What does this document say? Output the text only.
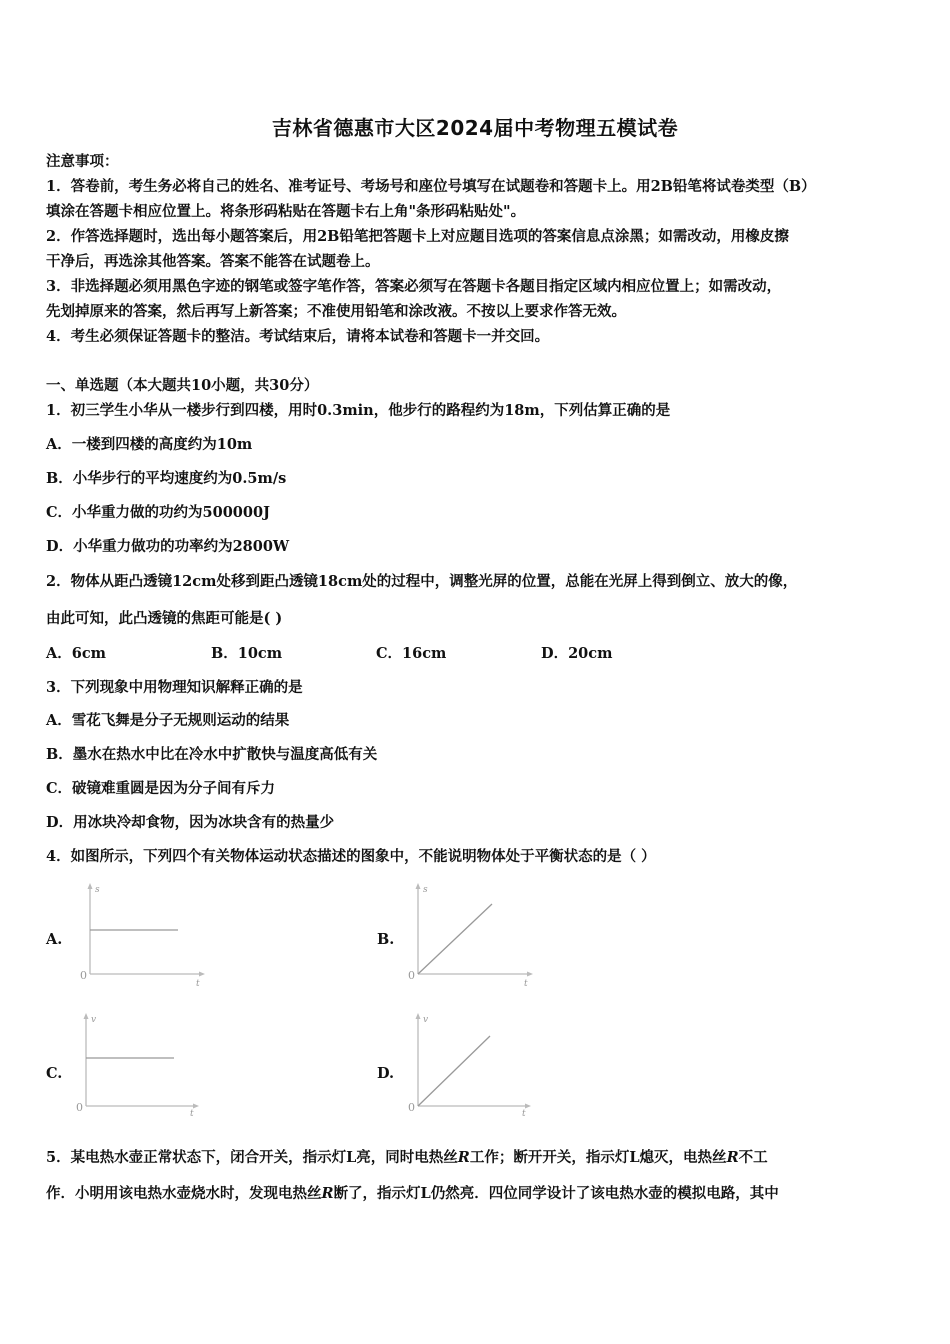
吉林省德惠市大区2024届中考物理五模试卷
注意事项：
1．答卷前，考生务必将自己的姓名、准考证号、考场号和座位号填写在试题卷和答题卡上。用2B铅笔将试卷类型（B）
填涂在答题卡相应位置上。将条形码粘贴在答题卡右上角"条形码粘贴处"。
2．作答选择题时，选出每小题答案后，用2B铅笔把答题卡上对应题目选项的答案信息点涂黑；如需改动，用橡皮擦
干净后，再选涂其他答案。答案不能答在试题卷上。
3．非选择题必须用黑色字迹的钢笔或签字笔作答，答案必须写在答题卡各题目指定区域内相应位置上；如需改动，
先划掉原来的答案，然后再写上新答案；不准使用铅笔和涂改液。不按以上要求作答无效。
4．考生必须保证答题卡的整洁。考试结束后，请将本试卷和答题卡一并交回。
一、单选题（本大题共10小题，共30分）
1．初三学生小华从一楼步行到四楼，用时0.3min，他步行的路程约为18m，下列估算正确的是
A．一楼到四楼的高度约为10m
B．小华步行的平均速度约为0.5m/s
C．小华重力做的功约为500000J
D．小华重力做功的功率约为2800W
2．物体从距凸透镜12cm处移到距凸透镜18cm处的过程中，调整光屏的位置，总能在光屏上得到倒立、放大的像，
由此可知，此凸透镜的焦距可能是( )
A．6cm	B．10cm	C．16cm	D．20cm
3．下列现象中用物理知识解释正确的是
A．雪花飞舞是分子无规则运动的结果
B．墨水在热水中比在冷水中扩散快与温度高低有关
C．破镜难重圆是因为分子间有斥力
D．用冰块冷却食物，因为冰块含有的热量少
4．如图所示，下列四个有关物体运动状态描述的图象中，不能说明物体处于平衡状态的是（ ）
A.
s
t
0
B.
s
t
0
C.
v
t
0
D.
v
t
0
5．某电热水壶正常状态下，闭合开关，指示灯L亮，同时电热丝R工作；断开开关，指示灯L熄灭，电热丝R不工
作．小明用该电热水壶烧水时，发现电热丝R断了，指示灯L仍然亮．四位同学设计了该电热水壶的模拟电路，其中
